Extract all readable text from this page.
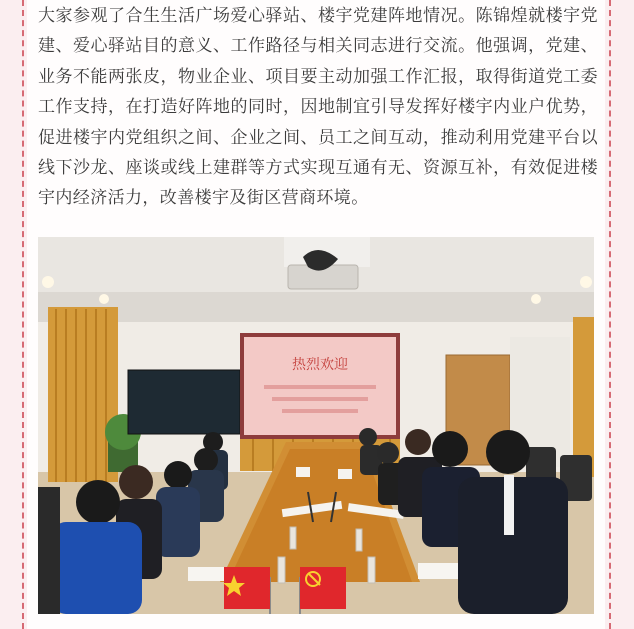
大家参观了合生生活广场爱心驿站、楼宇党建阵地情况。陈锦煌就楼宇党建、爱心驿站目的意义、工作路径与相关同志进行交流。他强调，党建、业务不能两张皮，物业企业、项目要主动加强工作汇报，取得街道党工委工作支持，在打造好阵地的同时，因地制宜引导发挥好楼宇内业户优势，促进楼宇内党组织之间、企业之间、员工之间互动，推动利用党建平台以线下沙龙、座谈或线上建群等方式实现互通有无、资源互补，有效促进楼宇内经济活力，改善楼宇及街区营商环境。

热烈欢迎
